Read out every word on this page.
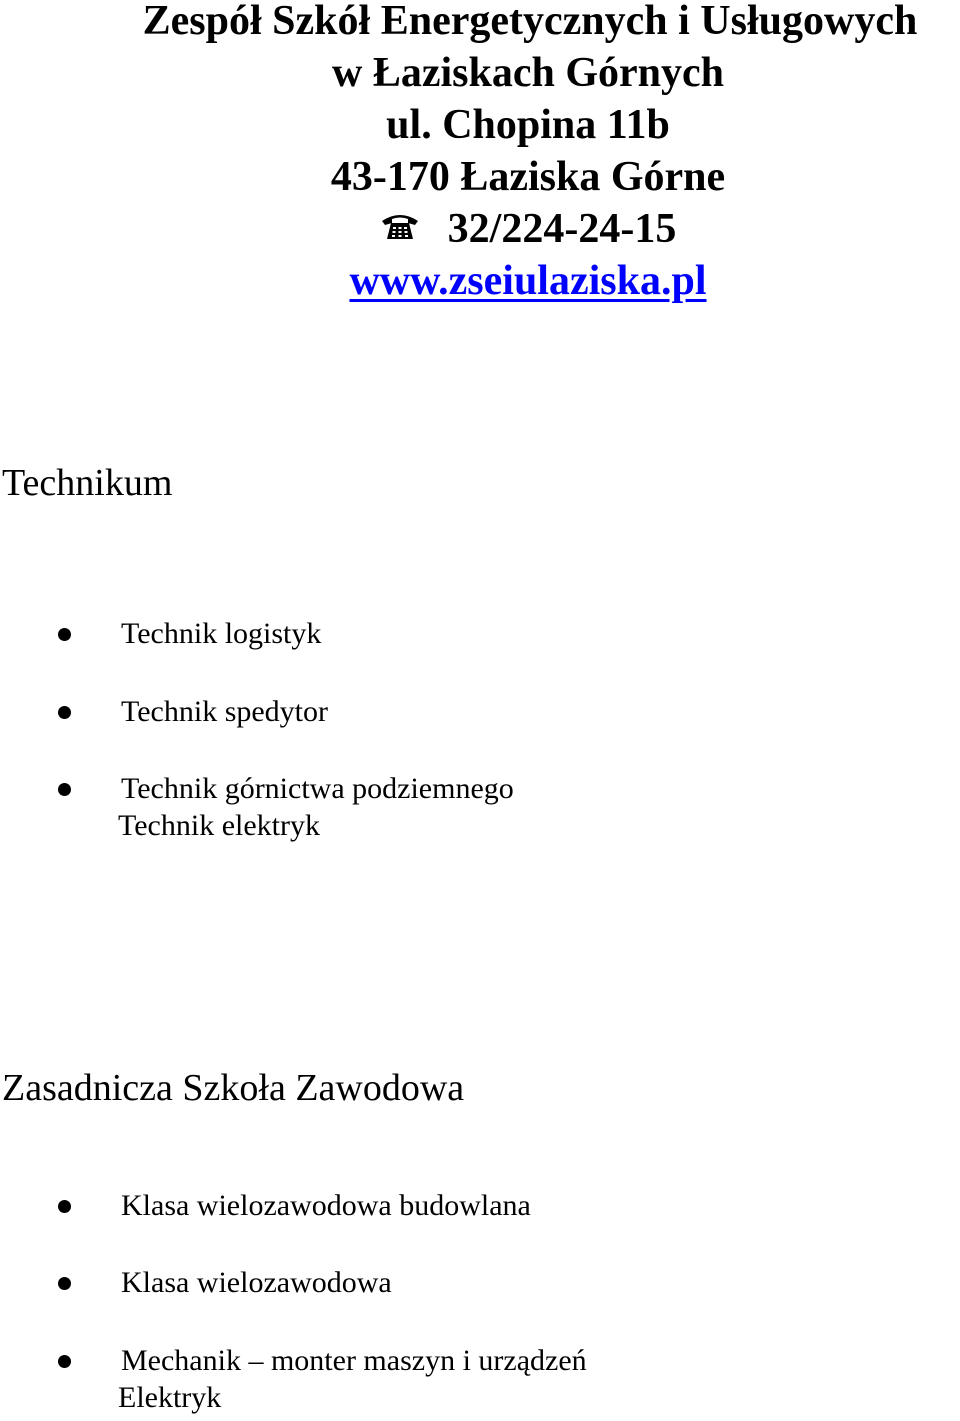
Zespół Szkół Energetycznych i Usługowych
w Łaziskach Górnych
ul. Chopina 11b
43-170 Łaziska Górne
32/224-24-15
www.zseiulaziska.pl
Technikum
Technik logistyk
Technik spedytor
Technik górnictwa podziemnego
Technik elektryk
Zasadnicza Szkoła Zawodowa
Klasa wielozawodowa budowlana
Klasa wielozawodowa
Mechanik – monter maszyn i urządzeń
Elektryk
